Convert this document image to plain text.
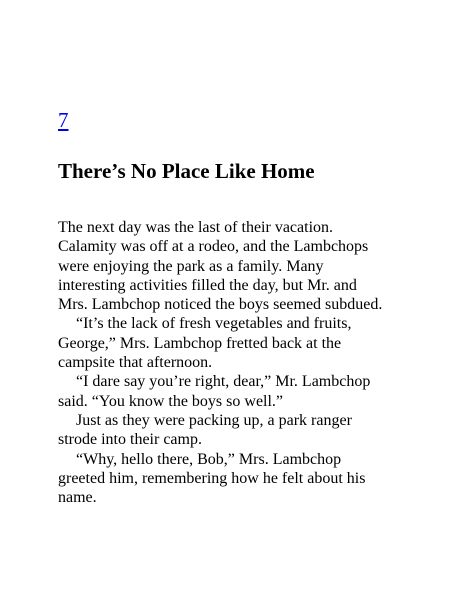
7
There’s No Place Like Home

The next day was the last of their vacation.
Calamity was off at a rodeo, and the Lambchops
were enjoying the park as a family. Many
interesting activities filled the day, but Mr. and
Mrs. Lambchop noticed the boys seemed subdued.

“It’s the lack of fresh vegetables and fruits,
George,” Mrs. Lambchop fretted back at the
campsite that afternoon.

“I dare say you’re right, dear,” Mr. Lambchop
said. “You know the boys so well.”

Just as they were packing up, a park ranger
strode into their camp.

“Why, hello there, Bob,” Mrs. Lambchop
greeted him, remembering how he felt about his
name.
